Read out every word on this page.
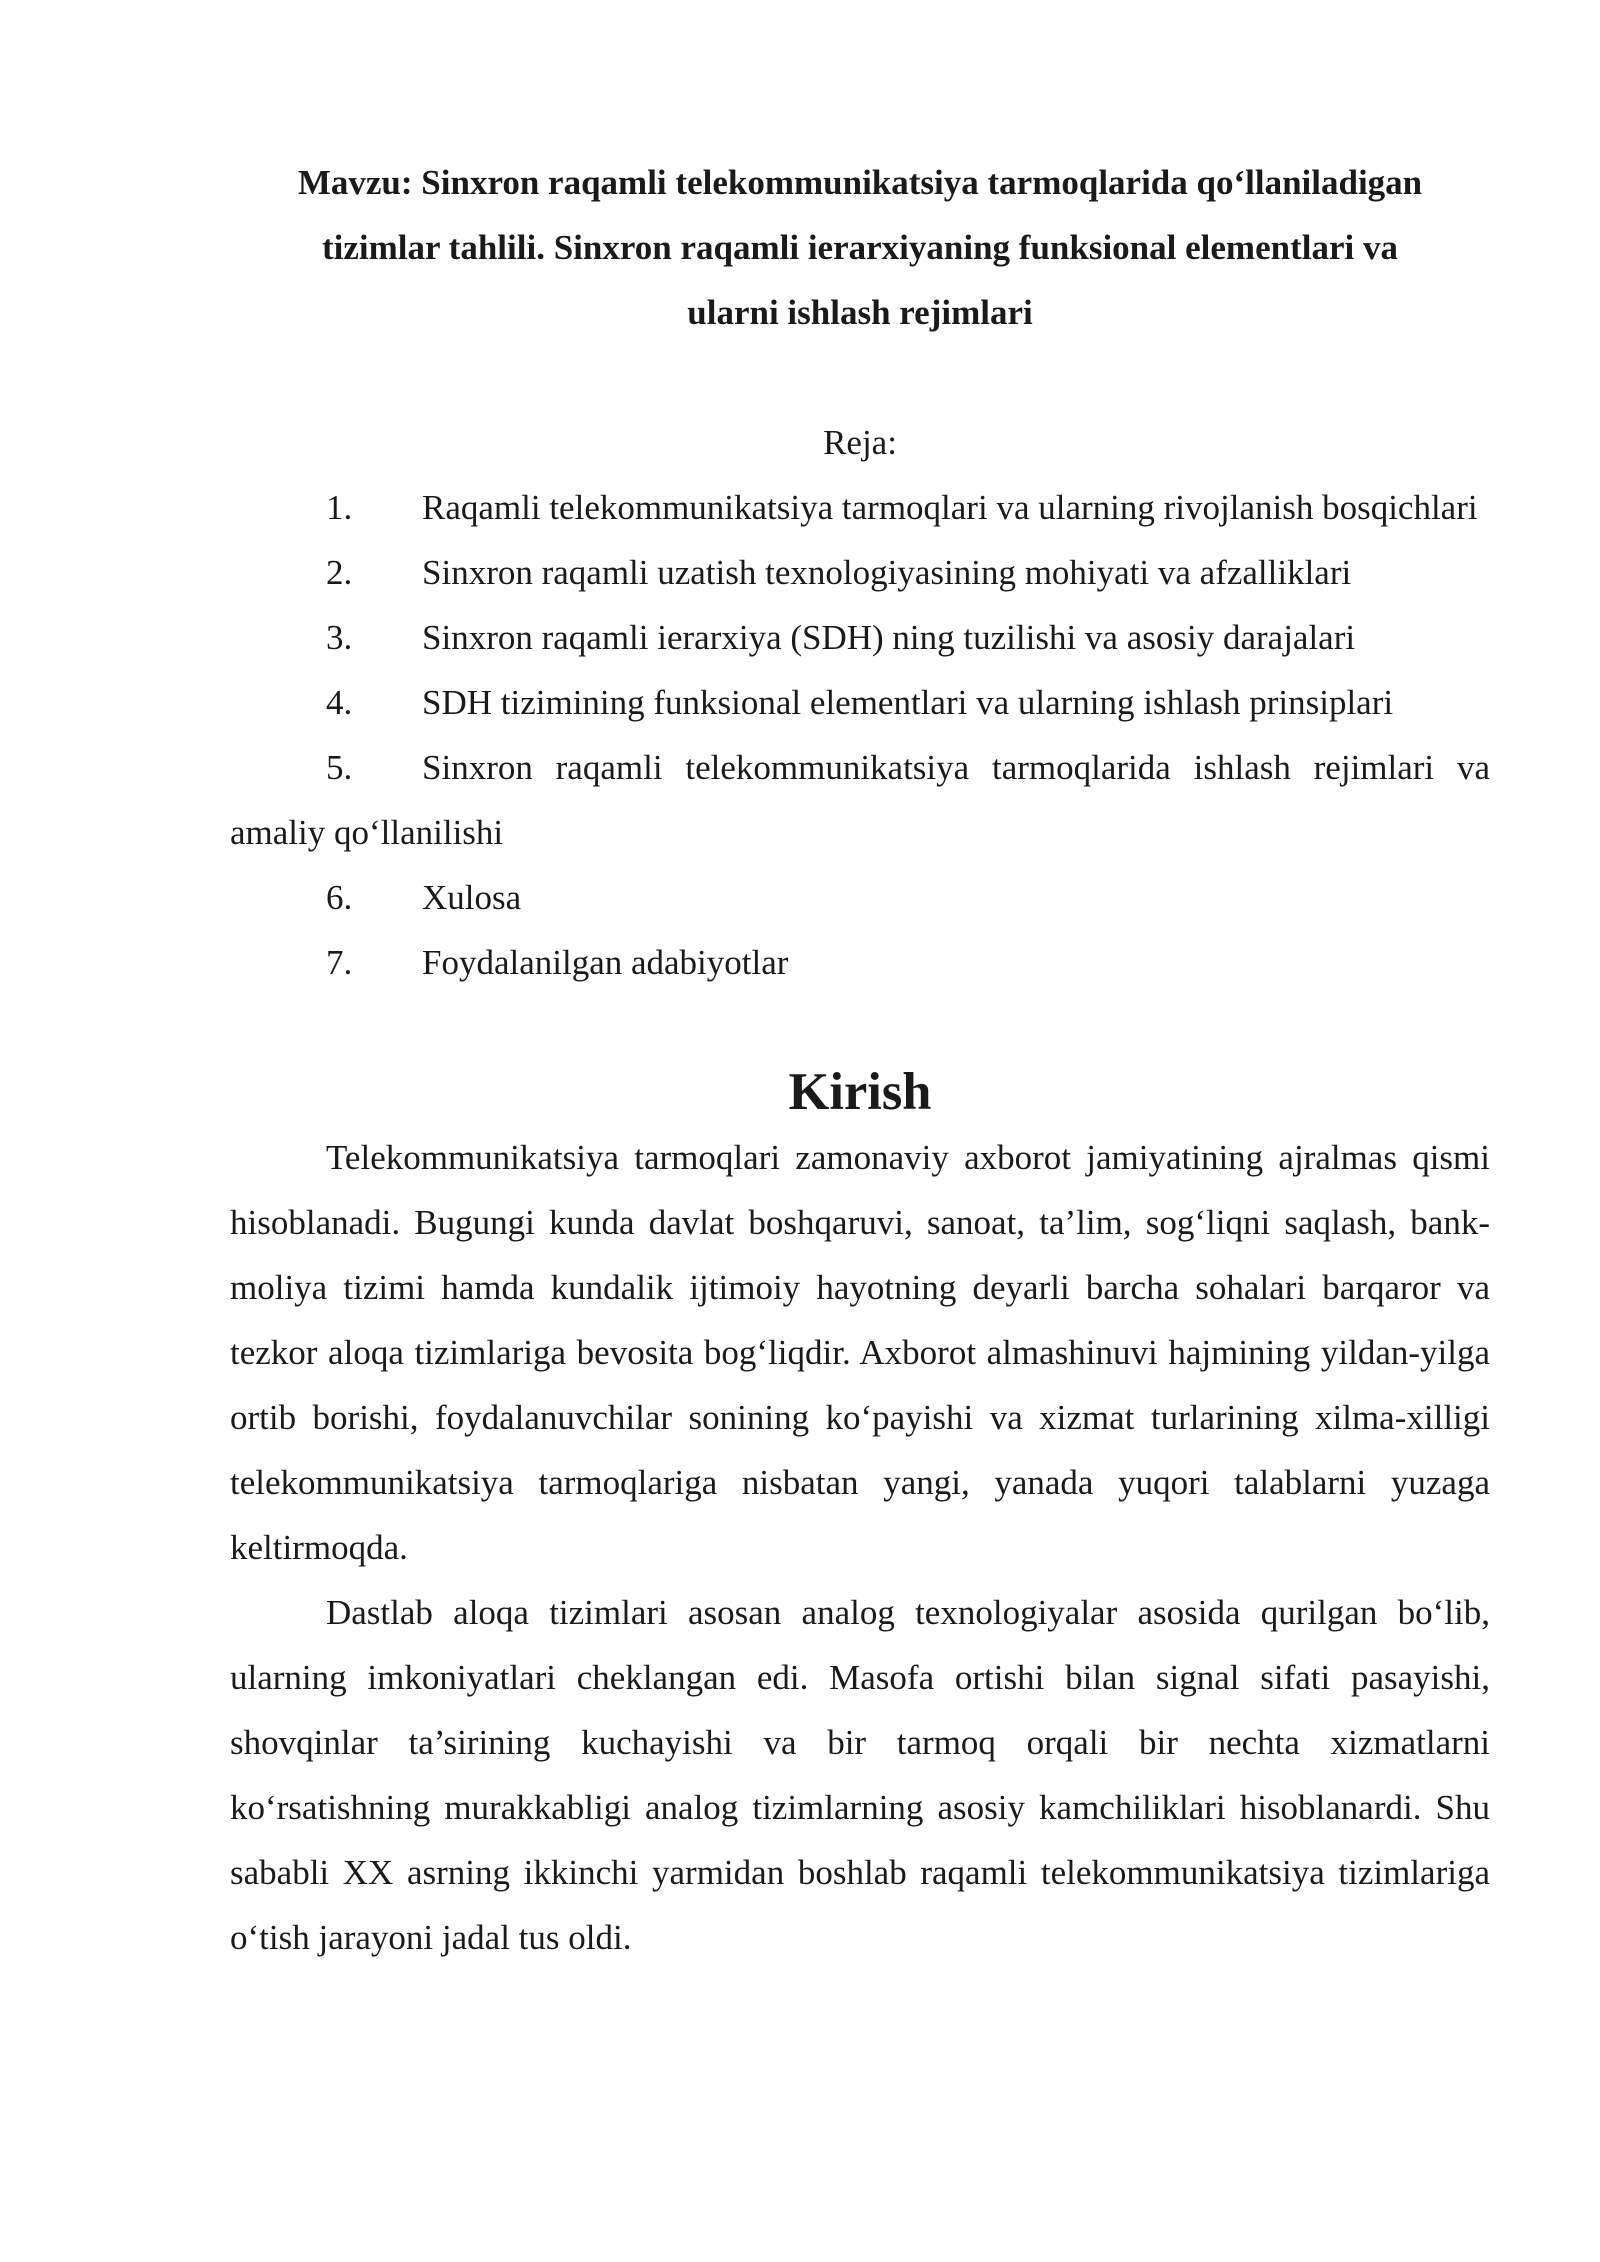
Mavzu: Sinxron raqamli telekommunikatsiya tarmoqlarida qo‘llaniladigan
tizimlar tahlili. Sinxron raqamli ierarxiyaning funksional elementlari va
ularni ishlash rejimlari
Reja:
1. Raqamli telekommunikatsiya tarmoqlari va ularning rivojlanish bosqichlari
2. Sinxron raqamli uzatish texnologiyasining mohiyati va afzalliklari
3. Sinxron raqamli ierarxiya (SDH) ning tuzilishi va asosiy darajalari
4. SDH tizimining funksional elementlari va ularning ishlash prinsiplari
5. Sinxron raqamli telekommunikatsiya tarmoqlarida ishlash rejimlari va amaliy qo‘llanilishi
6. Xulosa
7. Foydalanilgan adabiyotlar
Kirish

Telekommunikatsiya tarmoqlari zamonaviy axborot jamiyatining ajralmas qismi hisoblanadi. Bugungi kunda davlat boshqaruvi, sanoat, ta’lim, sog‘liqni saqlash, bank-moliya tizimi hamda kundalik ijtimoiy hayotning deyarli barcha sohalari barqaror va tezkor aloqa tizimlariga bevosita bog‘liqdir. Axborot almashinuvi hajmining yildan-yilga ortib borishi, foydalanuvchilar sonining ko‘payishi va xizmat turlarining xilma-xilligi telekommunikatsiya tarmoqlariga nisbatan yangi, yanada yuqori talablarni yuzaga keltirmoqda.

Dastlab aloqa tizimlari asosan analog texnologiyalar asosida qurilgan bo‘lib, ularning imkoniyatlari cheklangan edi. Masofa ortishi bilan signal sifati pasayishi, shovqinlar ta’sirining kuchayishi va bir tarmoq orqali bir nechta xizmatlarni ko‘rsatishning murakkabligi analog tizimlarning asosiy kamchiliklari hisoblanardi. Shu sababli XX asrning ikkinchi yarmidan boshlab raqamli telekommunikatsiya tizimlariga o‘tish jarayoni jadal tus oldi.
